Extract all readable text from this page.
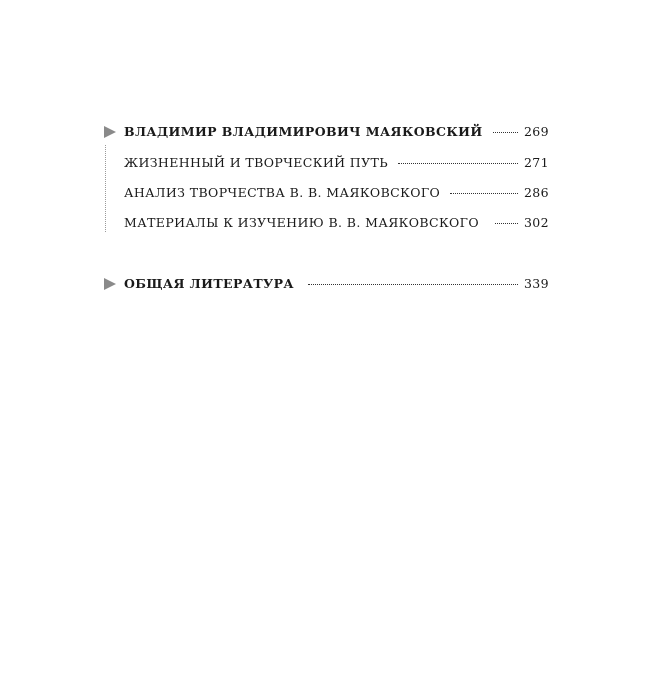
ВЛАДИМИР ВЛАДИМИРОВИЧ МАЯКОВСКИЙ	269
ЖИЗНЕННЫЙ И ТВОРЧЕСКИЙ ПУТЬ	271
АНАЛИЗ ТВОРЧЕСТВА В. В. МАЯКОВСКОГО	286
МАТЕРИАЛЫ К ИЗУЧЕНИЮ В. В. МАЯКОВСКОГО	302
ОБЩАЯ ЛИТЕРАТУРА	339
